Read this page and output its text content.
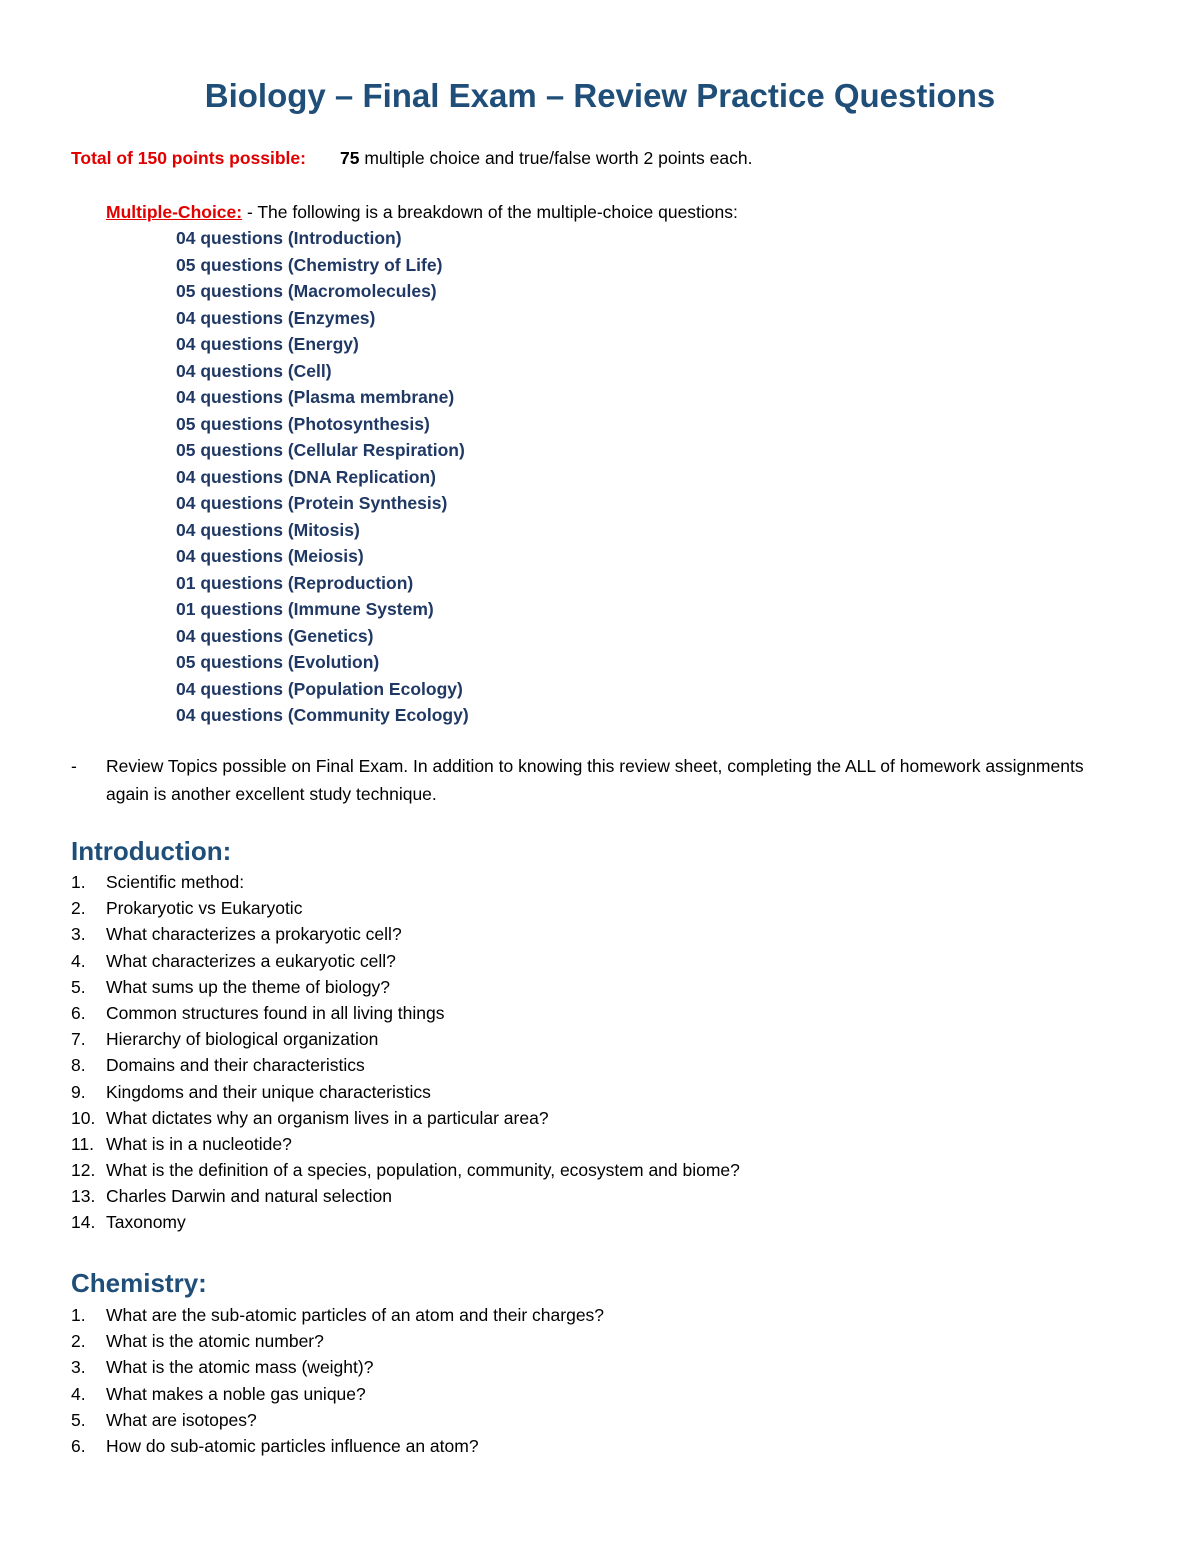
Biology – Final Exam – Review Practice Questions
Total of 150 points possible: 75 multiple choice and true/false worth 2 points each.
Multiple-Choice: - The following is a breakdown of the multiple-choice questions:
04 questions (Introduction)
05 questions (Chemistry of Life)
05 questions (Macromolecules)
04 questions (Enzymes)
04 questions (Energy)
04 questions (Cell)
04 questions (Plasma membrane)
05 questions (Photosynthesis)
05 questions (Cellular Respiration)
04 questions (DNA Replication)
04 questions (Protein Synthesis)
04 questions (Mitosis)
04 questions (Meiosis)
01 questions (Reproduction)
01 questions (Immune System)
04 questions (Genetics)
05 questions (Evolution)
04 questions (Population Ecology)
04 questions (Community Ecology)
- Review Topics possible on Final Exam. In addition to knowing this review sheet, completing the ALL of homework assignments again is another excellent study technique.
Introduction:
1.	Scientific method:
2.	Prokaryotic vs Eukaryotic
3.	What characterizes a prokaryotic cell?
4.	What characterizes a eukaryotic cell?
5.	What sums up the theme of biology?
6.	Common structures found in all living things
7.	Hierarchy of biological organization
8.	Domains and their characteristics
9.	Kingdoms and their unique characteristics
10. What dictates why an organism lives in a particular area?
11. What is in a nucleotide?
12. What is the definition of a species, population, community, ecosystem and biome?
13. Charles Darwin and natural selection
14. Taxonomy
Chemistry:
1.	What are the sub-atomic particles of an atom and their charges?
2.	What is the atomic number?
3.	What is the atomic mass (weight)?
4.	What makes a noble gas unique?
5.	What are isotopes?
6.	How do sub-atomic particles influence an atom?
